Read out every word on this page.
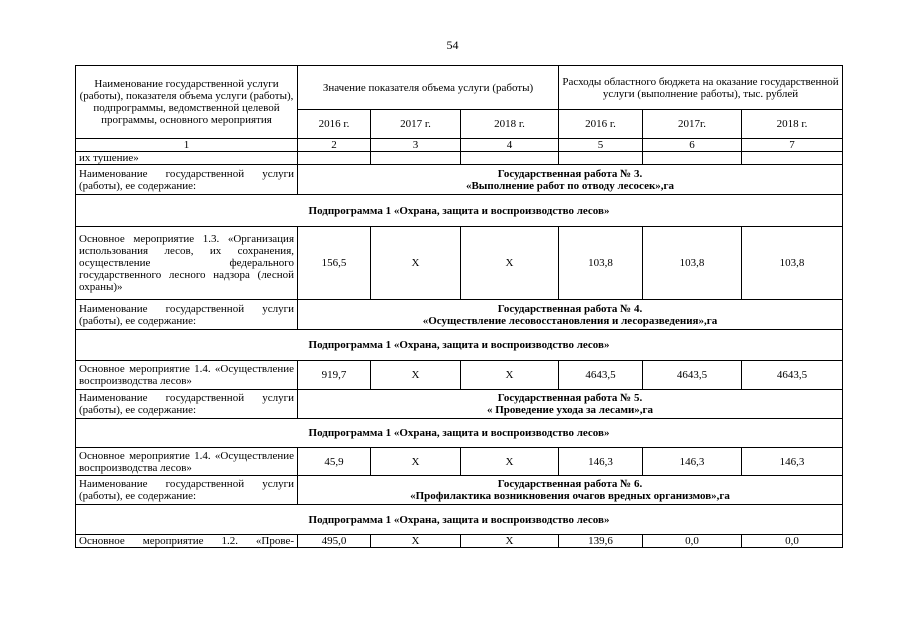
54
Наименование государственной услуги (работы), показателя объема услуги (работы), подпрограммы, ведомственной целевой программы, основного мероприятия	Значение показателя объема услуги (работы)			Расходы областного бюджета на оказание государственной услуги (выполнение работы), тыс. рублей		
	2016 г.	2017 г.	2018 г.	2016 г.	2017г.	2018 г.
1	2	3	4	5	6	7
их тушение»						
Наименование государственной услуги (работы), ее содержание:	Государственная работа № 3.
«Выполнение работ по отводу лесосек»,га					

Подпрограмма 1 «Охрана, защита и воспроизводство лесов»						
Основное мероприятие 1.3. «Организация использования лесов, их сохранения, осуществление федерального государственного лесного надзора (лесной охраны)»	156,5	Х	Х	103,8	103,8	103,8
Наименование государственной услуги (работы), ее содержание:	Государственная работа № 4.
«Осуществление лесовосстановления и лесоразведения»,га					

Подпрограмма 1 «Охрана, защита и воспроизводство лесов»						
Основное мероприятие 1.4. «Осуществление воспроизводства лесов»	919,7	Х	Х	4643,5	4643,5	4643,5
Наименование государственной услуги (работы), ее содержание:	Государственная работа № 5.
« Проведение ухода за лесами»,га					

Подпрограмма 1 «Охрана, защита и воспроизводство лесов»						
Основное мероприятие 1.4. «Осуществление воспроизводства лесов»	45,9	Х	Х	146,3	146,3	146,3
Наименование государственной услуги (работы), ее содержание:	Государственная работа № 6.
«Профилактика возникновения очагов вредных организмов»,га					

Подпрограмма 1 «Охрана, защита и воспроизводство лесов»						
Основное мероприятие 1.2. «Прове-	495,0	Х	Х	139,6	0,0	0,0
